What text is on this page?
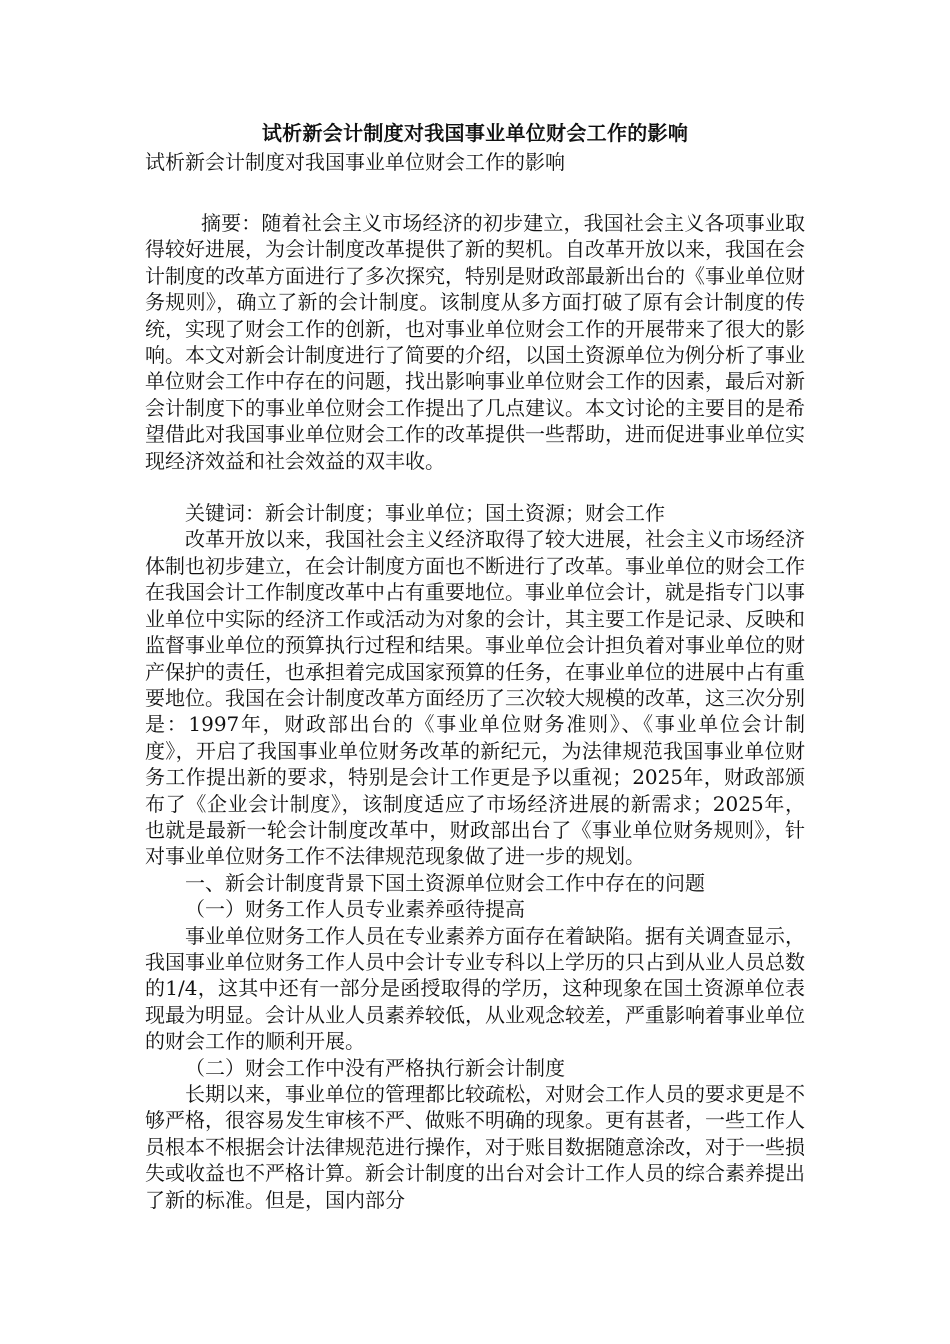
试析新会计制度对我国事业单位财会工作的影响
试析新会计制度对我国事业单位财会工作的影响

摘要：随着社会主义市场经济的初步建立，我国社会主义各项事业取得较好进展，为会计制度改革提供了新的契机。自改革开放以来，我国在会计制度的改革方面进行了多次探究，特别是财政部最新出台的《事业单位财务规则》，确立了新的会计制度。该制度从多方面打破了原有会计制度的传统，实现了财会工作的创新，也对事业单位财会工作的开展带来了很大的影响。本文对新会计制度进行了简要的介绍，以国土资源单位为例分析了事业单位财会工作中存在的问题，找出影响事业单位财会工作的因素，最后对新会计制度下的事业单位财会工作提出了几点建议。本文讨论的主要目的是希望借此对我国事业单位财会工作的改革提供一些帮助，进而促进事业单位实现经济效益和社会效益的双丰收。

关键词：新会计制度；事业单位；国土资源；财会工作

改革开放以来，我国社会主义经济取得了较大进展，社会主义市场经济体制也初步建立，在会计制度方面也不断进行了改革。事业单位的财会工作在我国会计工作制度改革中占有重要地位。事业单位会计，就是指专门以事业单位中实际的经济工作或活动为对象的会计，其主要工作是记录、反映和监督事业单位的预算执行过程和结果。事业单位会计担负着对事业单位的财产保护的责任，也承担着完成国家预算的任务，在事业单位的进展中占有重要地位。我国在会计制度改革方面经历了三次较大规模的改革，这三次分别是：1997年，财政部出台的《事业单位财务准则》、《事业单位会计制度》，开启了我国事业单位财务改革的新纪元，为法律规范我国事业单位财务工作提出新的要求，特别是会计工作更是予以重视；2025年，财政部颁布了《企业会计制度》，该制度适应了市场经济进展的新需求；2025年，也就是最新一轮会计制度改革中，财政部出台了《事业单位财务规则》，针对事业单位财务工作不法律规范现象做了进一步的规划。

一、新会计制度背景下国土资源单位财会工作中存在的问题

（一）财务工作人员专业素养亟待提高

事业单位财务工作人员在专业素养方面存在着缺陷。据有关调查显示，我国事业单位财务工作人员中会计专业专科以上学历的只占到从业人员总数的1/4，这其中还有一部分是函授取得的学历，这种现象在国土资源单位表现最为明显。会计从业人员素养较低，从业观念较差，严重影响着事业单位的财会工作的顺利开展。

（二）财会工作中没有严格执行新会计制度

长期以来，事业单位的管理都比较疏松，对财会工作人员的要求更是不够严格，很容易发生审核不严、做账不明确的现象。更有甚者，一些工作人员根本不根据会计法律规范进行操作，对于账目数据随意涂改，对于一些损失或收益也不严格计算。新会计制度的出台对会计工作人员的综合素养提出了新的标准。但是，国内部分
